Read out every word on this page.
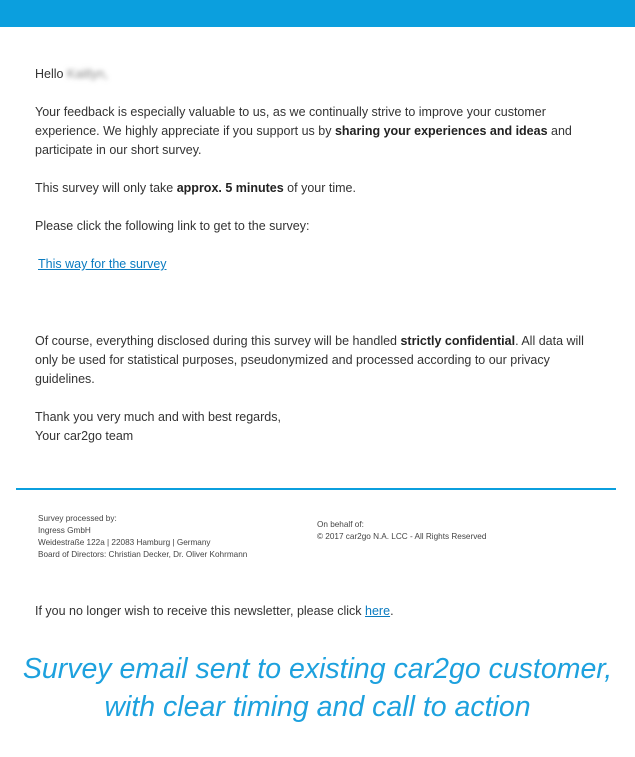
Hello Kaitlyn,

Your feedback is especially valuable to us, as we continually strive to improve your customer experience. We highly appreciate if you support us by sharing your experiences and ideas and participate in our short survey.

This survey will only take approx. 5 minutes of your time.

Please click the following link to get to the survey:

This way for the survey

Of course, everything disclosed during this survey will be handled strictly confidential. All data will only be used for statistical purposes, pseudonymized and processed according to our privacy guidelines.

Thank you very much and with best regards,

Your car2go team

Survey processed by:
Ingress GmbH
Weidestraße 122a | 22083 Hamburg | Germany
Board of Directors: Christian Decker, Dr. Oliver Kohrmann
On behalf of:
© 2017 car2go N.A. LCC - All Rights Reserved
If you no longer wish to receive this newsletter, please click here.
Survey email sent to existing car2go customer,
with clear timing and call to action
